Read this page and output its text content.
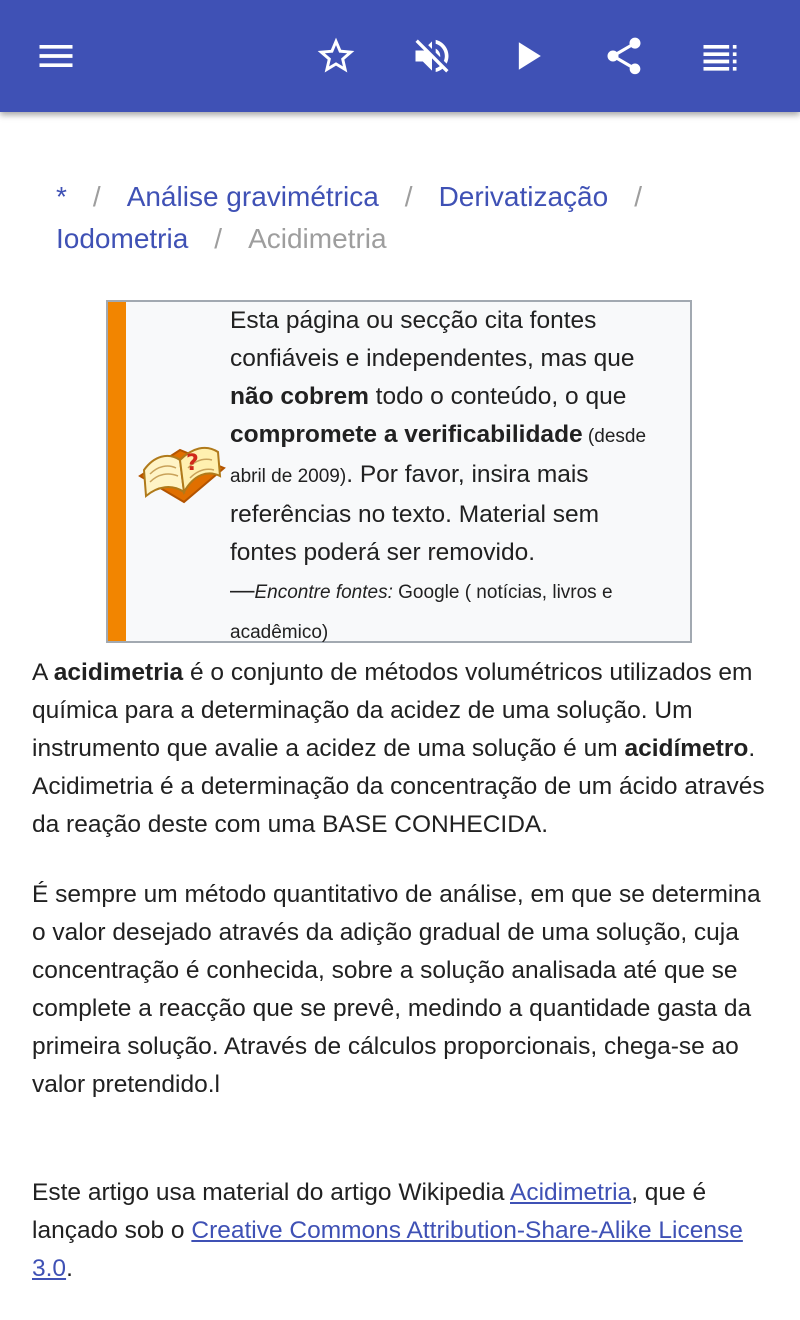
* / Análise gravimétrica / Derivatização /
Iodometria / Acidimetria
?
Esta página ou secção cita fontes confiáveis e independentes, mas que não cobrem todo o conteúdo, o que compromete a verificabilidade (desde abril de 2009). Por favor, insira mais referências no texto. Material sem fontes poderá ser removido.
—Encontre fontes: Google ( notícias, livros e acadêmico)

A acidimetria é o conjunto de métodos volumétricos utilizados em química para a determinação da acidez de uma solução. Um instrumento que avalie a acidez de uma solução é um acidímetro. Acidimetria é a determinação da concentração de um ácido através da reação deste com uma BASE CONHECIDA.

É sempre um método quantitativo de análise, em que se determina o valor desejado através da adição gradual de uma solução, cuja concentração é conhecida, sobre a solução analisada até que se complete a reacção que se prevê, medindo a quantidade gasta da primeira solução. Através de cálculos proporcionais, chega-se ao valor pretendido.l

Este artigo usa material do artigo Wikipedia Acidimetria, que é lançado sob o Creative Commons Attribution-Share-Alike License 3.0.
